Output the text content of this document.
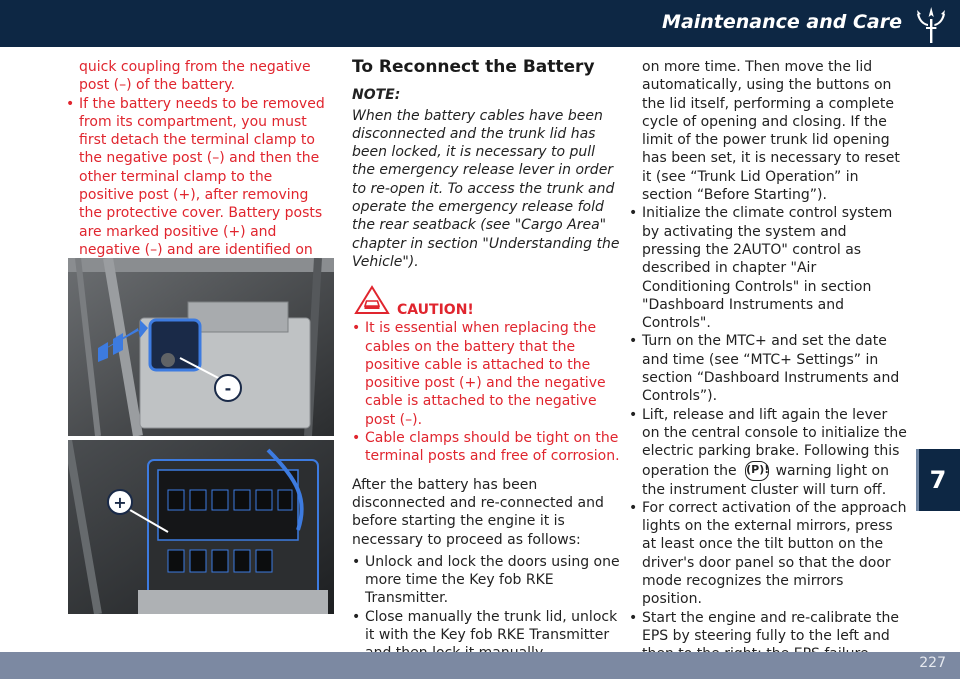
Maintenance and Care

quick coupling from the negative post (–) of the battery.

• If the battery needs to be removed from its compartment, you must first detach the terminal clamp to the negative post (–) and then the other terminal clamp to the positive post (+), after removing the protective cover. Battery posts are marked positive (+) and negative (–) and are identified on
-
+
To Reconnect the Battery
NOTE:

When the battery cables have been disconnected and the trunk lid has been locked, it is necessary to pull the emergency release lever in order to re-open it. To access the trunk and operate the emergency release fold the rear seatback (see "Cargo Area" chapter in section "Understanding the Vehicle").

CAUTION!
• It is essential when replacing the cables on the battery that the positive cable is attached to the positive post (+) and the negative cable is attached to the negative post (–).
• Cable clamps should be tight on the terminal posts and free of corrosion.

After the battery has been disconnected and re-connected and before starting the engine it is necessary to proceed as follows:

• Unlock and lock the doors using one more time the Key fob RKE Transmitter.
• Close manually the trunk lid, unlock it with the Key fob RKE Transmitter

on more time. Then move the lid automatically, using the buttons on the lid itself, performing a complete cycle of opening and closing. If the limit of the power trunk lid opening has been set, it is necessary to reset it (see “Trunk Lid Operation” in section “Before Starting”).

• Initialize the climate control system by activating the system and pressing the 2AUTO" control as described in chapter "Air Conditioning Controls" in section "Dashboard Instruments and Controls".
• Turn on the MTC+ and set the date and time (see “MTC+ Settings” in section “Dashboard Instruments and Controls”).
• Lift, release and lift again the lever on the central console to initialize the electric parking brake. Following this operation the (P)! warning light on the instrument cluster will turn off.
• For correct activation of the approach lights on the external mirrors, press at least once the tilt button on the driver's door panel so that the door mode recognizes the mirrors position.
• Start the engine and re-calibrate the EPS by steering fully to the left and
7
227
